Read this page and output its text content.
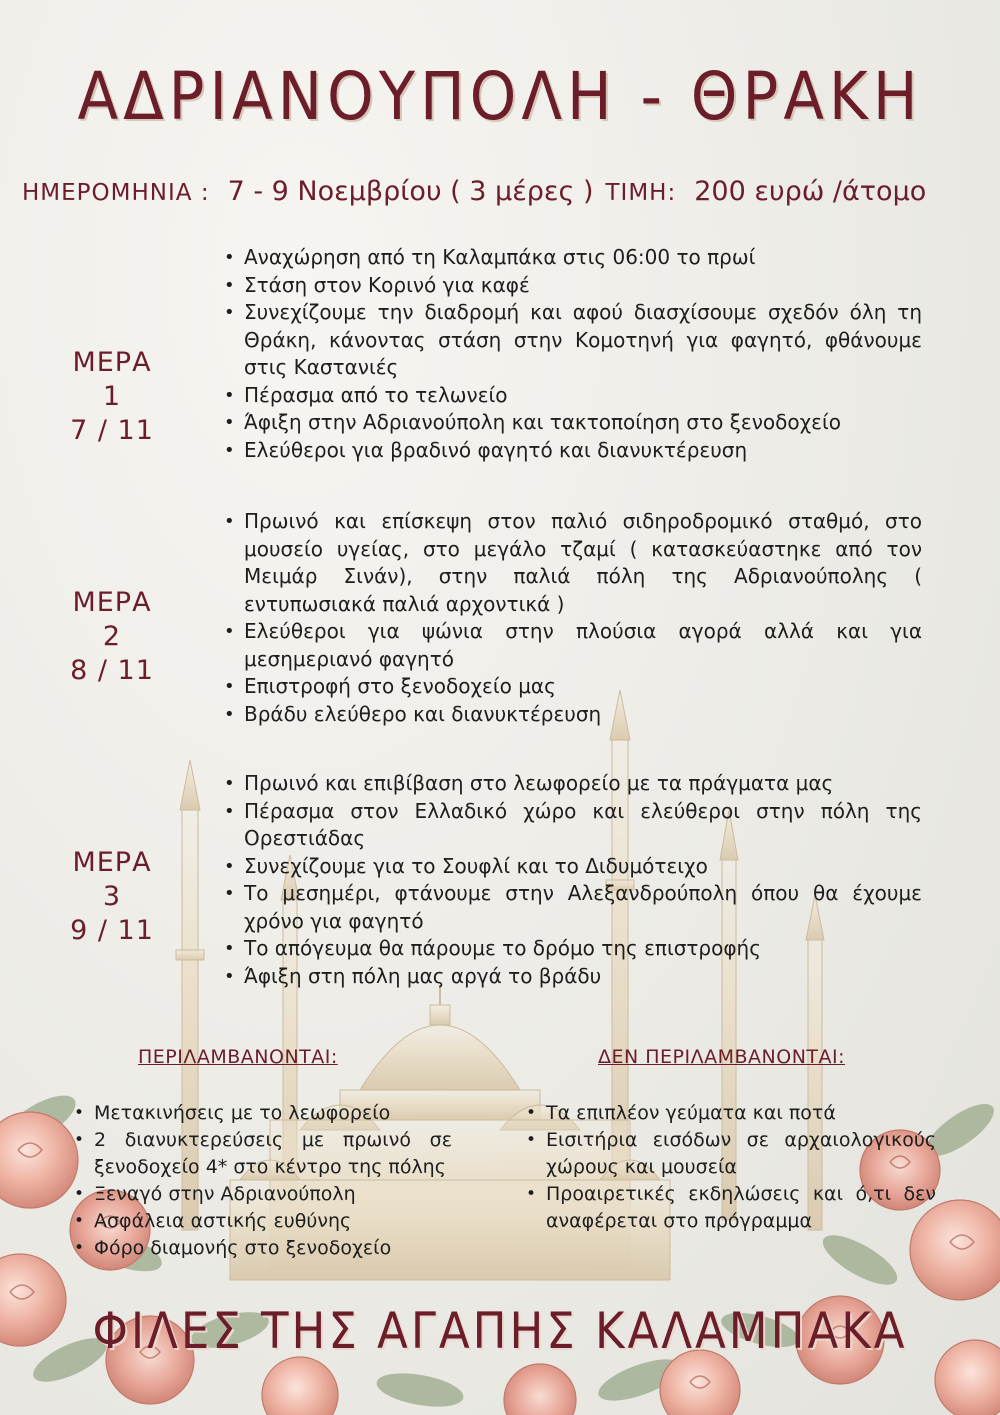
ΑΔΡΙΑΝΟΥΠΟΛΗ - ΘΡΑΚΗ
ΗΜΕΡΟΜΗΝΙΑ : 7 - 9 Νοεμβρίου ( 3 μέρες ) ΤΙΜΗ: 200 ευρώ /άτομο
ΜΕΡΑ 1
7 / 11
• Αναχώρηση από τη Καλαμπάκα στις 06:00 το πρωί
• Στάση στον Κορινό για καφέ
• Συνεχίζουμε την διαδρομή και αφού διασχίσουμε σχεδόν όλη τη Θράκη, κάνοντας στάση στην Κομοτηνή για φαγητό, φθάνουμε στις Καστανιές
• Πέρασμα από το τελωνείο
• Άφιξη στην Αδριανούπολη και τακτοποίηση στο ξενοδοχείο
• Ελεύθεροι για βραδινό φαγητό και διανυκτέρευση
ΜΕΡΑ 2
8 / 11
• Πρωινό και επίσκεψη στον παλιό σιδηροδρομικό σταθμό, στο μουσείο υγείας, στο μεγάλο τζαμί ( κατασκεύαστηκε από τον Μειμάρ Σινάν), στην παλιά πόλη της Αδριανούπολης ( εντυπωσιακά παλιά αρχοντικά )
• Ελεύθεροι για ψώνια στην πλούσια αγορά αλλά και για μεσημεριανό φαγητό
• Επιστροφή στο ξενοδοχείο μας
• Βράδυ ελεύθερο και διανυκτέρευση
ΜΕΡΑ 3
9 / 11
• Πρωινό και επιβίβαση στο λεωφορείο με τα πράγματα μας
• Πέρασμα στον Ελλαδικό χώρο και ελεύθεροι στην πόλη της Ορεστιάδας
• Συνεχίζουμε για το Σουφλί και το Διδυμότειχο
• Το μεσημέρι, φτάνουμε στην Αλεξανδρούπολη όπου θα έχουμε χρόνο για φαγητό
• Το απόγευμα θα πάρουμε το δρόμο της επιστροφής
• Άφιξη στη πόλη μας αργά το βράδυ
ΠΕΡΙΛΑΜΒΑΝΟΝΤΑΙ:
• Μετακινήσεις με το λεωφορείο
• 2 διανυκτερεύσεις με πρωινό σε ξενοδοχείο 4* στο κέντρο της πόλης
• Ξεναγό στην Αδριανούπολη
• Ασφάλεια αστικής ευθύνης
• Φόρο διαμονής στο ξενοδοχείο
ΔΕΝ ΠΕΡΙΛΑΜΒΑΝΟΝΤΑΙ:
• Τα επιπλέον γεύματα και ποτά
• Εισιτήρια εισόδων σε αρχαιολογικούς χώρους και μουσεία
• Προαιρετικές εκδηλώσεις και ό,τι δεν αναφέρεται στο πρόγραμμα
ΦΙΛΕΣ ΤΗΣ ΑΓΑΠΗΣ ΚΑΛΑΜΠΑΚΑ
